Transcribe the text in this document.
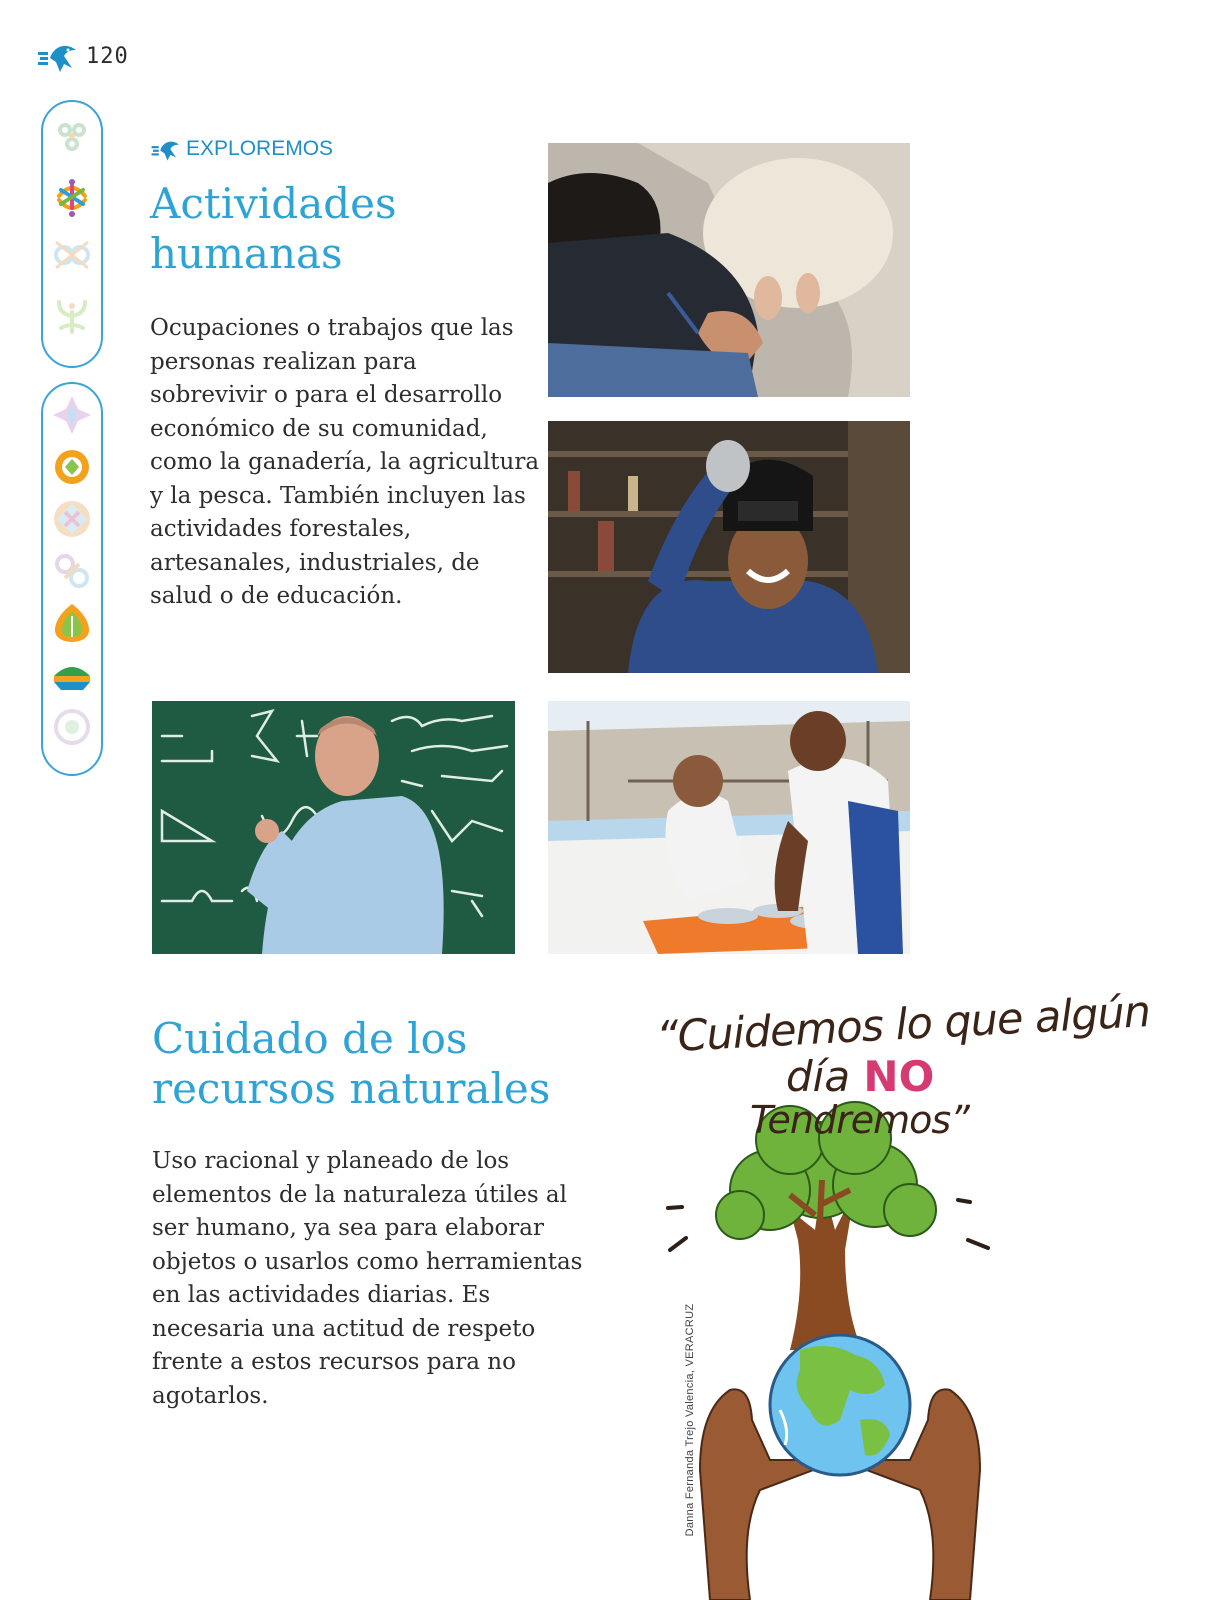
120
EXPLOREMOS
Actividades humanas

Ocupaciones o trabajos que las personas realizan para sobrevivir o para el desarrollo económico de su comunidad, como la ganadería, la agricultura y la pesca. También incluyen las actividades forestales, artesanales, industriales, de salud o de educación.

Cuidado de los recursos naturales

Uso racional y planeado de los elementos de la naturaleza útiles al ser humano, ya sea para elaborar objetos o usarlos como herramientas en las actividades diarias. Es necesaria una actitud de respeto frente a estos recursos para no agotarlos.

“Cuidemos lo que algún
día NO
Tendremos”
Danna Fernanda Trejo Valencia, VERACRUZ
